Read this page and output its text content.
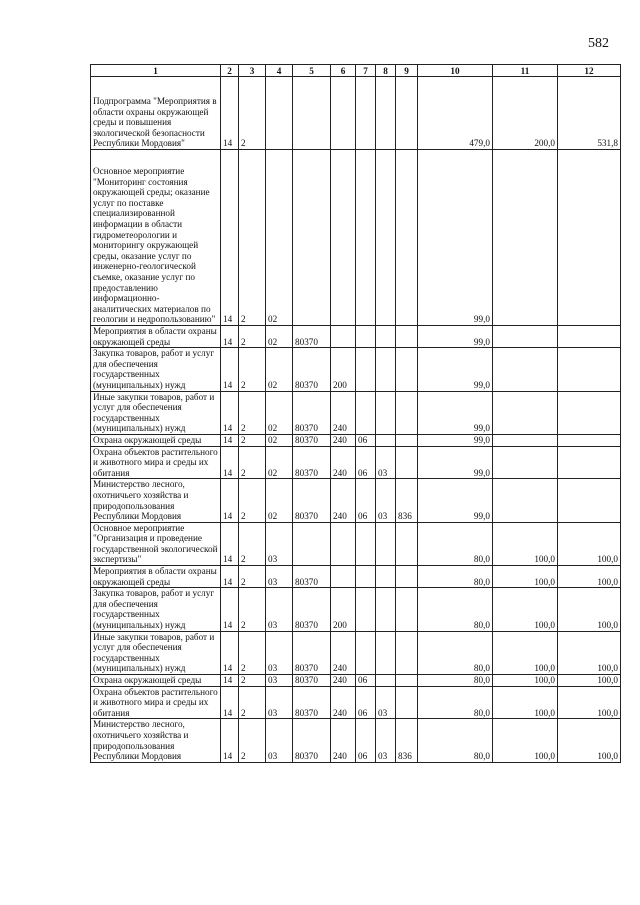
582
1	2	3	4	5	6	7	8	9	10	11	12
Подпрограмма "Мероприятия в области охраны окружающей среды и повышения экологической безопасности Республики Мордовия"	14	2							479,0	200,0	531,8
Основное мероприятие "Мониторинг состояния окружающей среды; оказание услуг по поставке специализированной информации в области гидрометеорологии и мониторингу окружающей среды, оказание услуг по инженерно-геологической съемке, оказание услуг по предоставлению информационно-аналитических материалов по геологии и недропользованию"	14	2	02						99,0		
Мероприятия в области охраны окружающей среды	14	2	02	80370					99,0		
Закупка товаров, работ и услуг для обеспечения государственных (муниципальных) нужд	14	2	02	80370	200				99,0		
Иные закупки товаров, работ и услуг для обеспечения государственных (муниципальных) нужд	14	2	02	80370	240				99,0		
Охрана окружающей среды	14	2	02	80370	240	06			99,0		
Охрана объектов растительного и животного мира и среды их обитания	14	2	02	80370	240	06	03		99,0		
Министерство лесного, охотничьего хозяйства и природопользования Республики Мордовия	14	2	02	80370	240	06	03	836	99,0		
Основное мероприятие "Организация и проведение государственной экологической экспертизы"	14	2	03						80,0	100,0	100,0
Мероприятия в области охраны окружающей среды	14	2	03	80370					80,0	100,0	100,0
Закупка товаров, работ и услуг для обеспечения государственных (муниципальных) нужд	14	2	03	80370	200				80,0	100,0	100,0
Иные закупки товаров, работ и услуг для обеспечения государственных (муниципальных) нужд	14	2	03	80370	240				80,0	100,0	100,0
Охрана окружающей среды	14	2	03	80370	240	06			80,0	100,0	100,0
Охрана объектов растительного и животного мира и среды их обитания	14	2	03	80370	240	06	03		80,0	100,0	100,0
Министерство лесного, охотничьего хозяйства и природопользования Республики Мордовия	14	2	03	80370	240	06	03	836	80,0	100,0	100,0
